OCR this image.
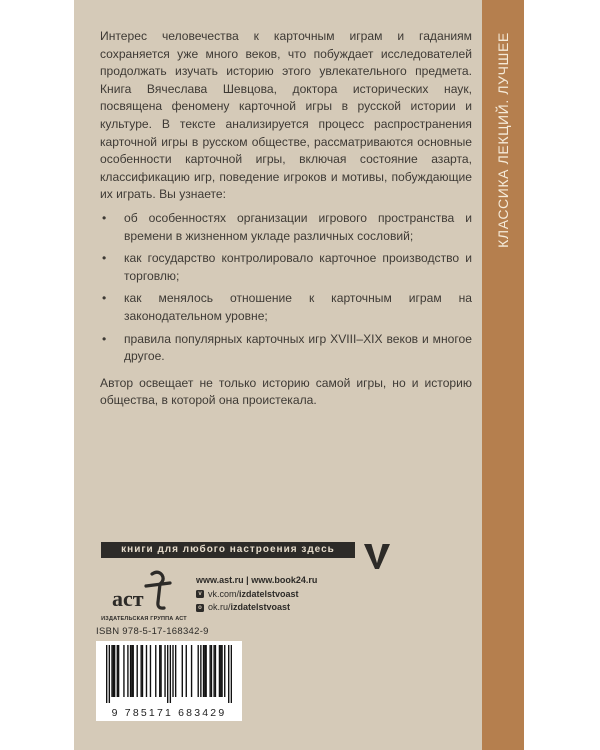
КЛАССИКА ЛЕКЦИЙ. ЛУЧШЕЕ

Интерес человечества к карточным играм и гаданиям сохраняется уже много веков, что побуждает исследователей продолжать изучать историю этого увлекательного предмета. Книга Вячеслава Шевцова, доктора исторических наук, посвящена феномену карточной игры в русской истории и культуре. В тексте анализируется процесс распространения карточной игры в русском обществе, рассматриваются основные особенности карточной игры, включая состояние азарта, классификацию игр, поведение игроков и мотивы, побуждающие их играть. Вы узнаете:

• об особенностях организации игрового пространства и времени в жизненном укладе различных сословий;
• как государство контролировало карточное производство и торговлю;
• как менялось отношение к карточным играм на законодательном уровне;
• правила популярных карточных игр XVIII–XIX веков и многое другое.

Автор освещает не только историю самой игры, но и историю общества, в которой она проистекала.

книги для любого настроения здесь
аст
ИЗДАТЕЛЬСКАЯ ГРУППА АСТ
www.ast.ru | www.book24.ru
v vk.com/ izdatelstvoast
o ok.ru/ izdatelstvoast
ISBN 978-5-17-168342-9
9 785171 683429
